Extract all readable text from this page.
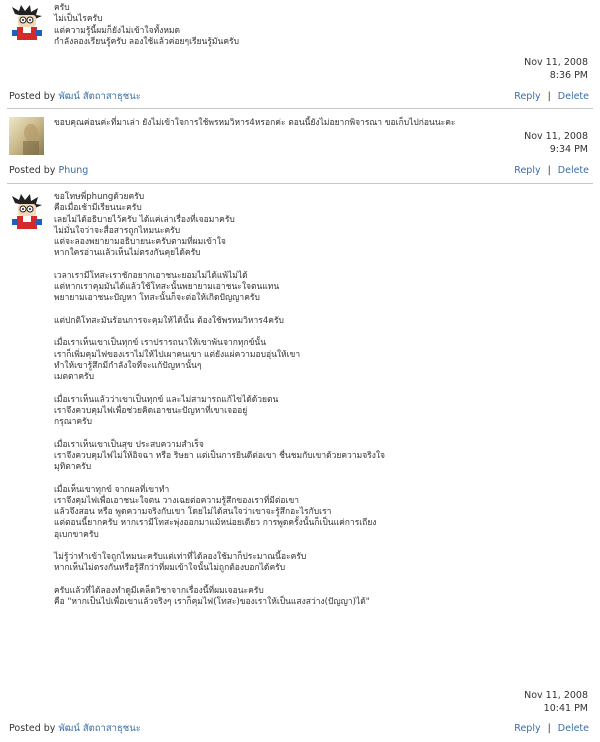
ครับ
ไม่เป็นไรครับ
แต่ความรู้นี้ผมก็ยังไม่เข้าใจทั้งหมด
กำลังลองเรียนรู้ครับ ลองใช้แล้วค่อยๆเรียนรู้มันครับ
Nov 11, 2008
8:36 PM
Posted by พัฒน์ สัตถาสาธุชนะ	Reply | Delete
ขอบคุณค่อนค่ะที่มาเล่า ยังไม่เข้าใจการใช้พรหมวิหาร4หรอกค่ะ ตอนนี้ยังไม่อยากพิจารณา ขอเก็บไปก่อนนะคะ
Nov 11, 2008
9:34 PM
Posted by Phung	Reply | Delete
ขอโทษพี่phungด้วยครับ
คือเมื่อเช้ามีเรียนนะครับ
เลยไม่ได้อธิบายไว้ครับ ได้แค่เล่าเรื่องที่เจอมาครับ
ไม่มั่นใจว่าจะสื่อสารถูกไหมนะครับ
แต่จะลองพยายามอธิบายนะครับตามที่ผมเข้าใจ
หากใครอ่านแล้วเห็นไม่ตรงกันคุยได้ครับ
เวลาเรามีโทสะเราชักอยากเอาชนะยอมไม่ได้แพ้ไม่ได้
แต่หากเราคุมมันได้แล้วใช้โทสะนั้นพยายามเอาชนะใจตนแทน
พยายามเอาชนะปัญหา โทสะนั้นก็จะต่อให้เกิดปัญญาครับ
แต่ปกติโทสะมันร้อนการจะคุมให้ได้นั้น ต้องใช้พรหมวิหาร4ครับ
เมื่อเราเห็นเขาเป็นทุกข์ เราปรารถนาให้เขาพ้นจากทุกข์นั้น
เราก็เพิ่มคุมไฟของเราไม่ให้ไปเผาคนเขา แต่ยังแผ่ความอบอุ่นให้เขา
ทำให้เขารู้สึกมีกำลังใจที่จะแก้ปัญหานั้นๆ
เมตตาครับ
เมื่อเราเห็นแล้วว่าเขาเป็นทุกข์ และไม่สามารถแก้ไขได้ด้วยตน
เราจึงควบคุมไฟเพื่อช่วยคิดเอาชนะปัญหาที่เขาเจออยู่
กรุณาครับ
เมื่อเราเห็นเขาเป็นสุข ประสบความสำเร็จ
เราจึงควบคุมไฟไม่ให้อิจฉา หรือ ริษยา แต่เป็นการยินดีต่อเขา ชื่นชมกับเขาด้วยความจริงใจ
มุทิตาครับ
เมื่อเห็นเขาทุกข์ จากผลที่เขาทำ
เราจึงคุมไฟเพื่อเอาชนะใจตน วางเฉยต่อความรู้สึกของเราที่มีต่อเขา
แล้วจึงสอน หรือ พูดความจริงกับเขา โดยไม่ได้สนใจว่าเขาจะรู้สึกอะไรกับเรา
แต่ตอนนี้ยากครับ หากเรามีโทสะพุ่งออกมาแม้หน่อยเดียว การพูดครั้งนั้นก็เป็นแค่การเถียง
อุเบกขาครับ
ไม่รู้ว่าทำเข้าใจถูกไหมนะครับแต่เท่าที่ได้ลองใช้มาก็ประมาณนี้อะครับ
หากเห็นไม่ตรงกันหรือรู้สึกว่าที่ผมเข้าใจนั้นไม่ถูกต้องบอกได้ครับ
ครับแล้วที่ได้ลองทำดูมีเคล็ดวิชาจากเรื่องนี้ที่ผมเจอนะครับ
คือ "หากเป็นไปเพื่อเขาแล้วจริงๆ เราก็คุมไฟ(โทสะ)ของเราให้เป็นแสงสว่าง(ปัญญา)ได้"
Nov 11, 2008
10:41 PM
Posted by พัฒน์ สัตถาสาธุชนะ	Reply | Delete
